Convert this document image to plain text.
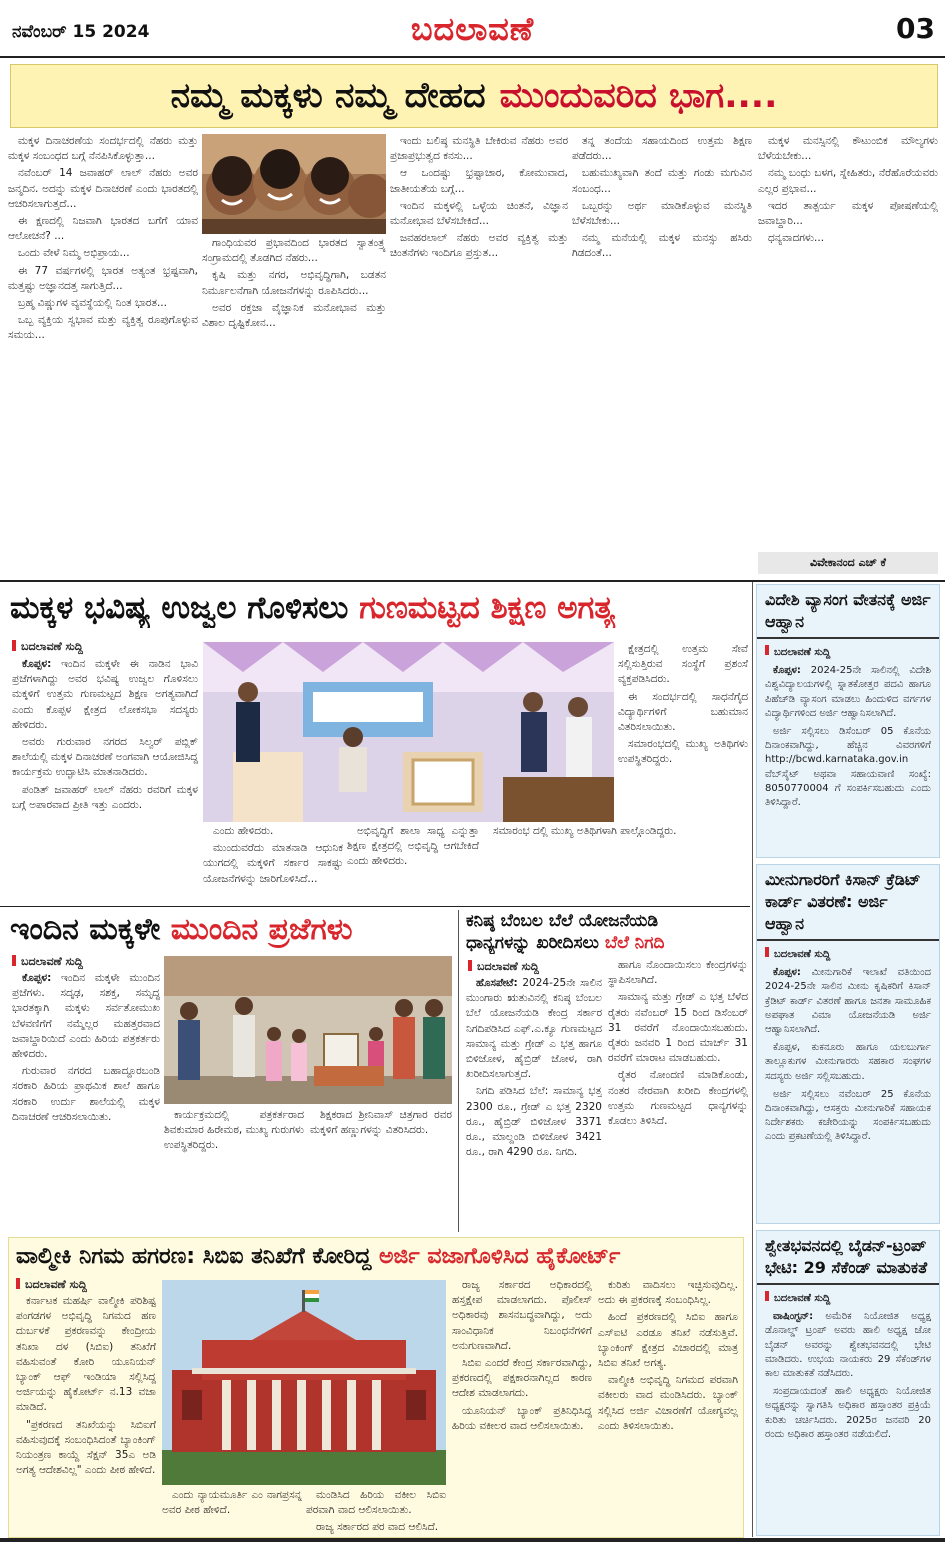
ನವೆಂಬರ್ 15 2024	ಬದಲಾವಣೆ	03
ನಮ್ಮ ಮಕ್ಕಳು ನಮ್ಮ ದೇಹದ ಮುಂದುವರಿದ ಭಾಗ....

ಮಕ್ಕಳ ದಿನಾಚರಣೆಯ ಸಂದರ್ಭದಲ್ಲಿ ನೆಹರು ಮತ್ತು ಮಕ್ಕಳ ಸಂಬಂಧದ ಬಗ್ಗೆ ನೆನಪಿಸಿಕೊಳ್ಳುತ್ತಾ...

ನವೆಂಬರ್ 14 ಜವಾಹರ್ ಲಾಲ್ ನೆಹರು ಅವರ ಜನ್ಮದಿನ. ಅದನ್ನು ಮಕ್ಕಳ ದಿನಾಚರಣೆ ಎಂದು ಭಾರತದಲ್ಲಿ ಆಚರಿಸಲಾಗುತ್ತದೆ...

ಈ ಕ್ಷಣದಲ್ಲಿ ನಿಜವಾಗಿ ಭಾರತದ ಬಗೆಗೆ ಯಾವ ಆಲೋಚನೆ? ...

ಒಂದು ವೇಳೆ ನಿಮ್ಮ ಅಭಿಪ್ರಾಯ...

ಈ 77 ವರ್ಷಗಳಲ್ಲಿ ಭಾರತ ಅತ್ಯಂತ ಭ್ರಷ್ಟವಾಗಿ, ಮತ್ತಷ್ಟು ಅಜ್ಞಾನದತ್ತ ಸಾಗುತ್ತಿದೆ...

ಬ್ರಹ್ಮ ವಿಷ್ಣುಗಳ ವ್ಯವಸ್ಥೆಯಲ್ಲಿ ನಿಂತ ಭಾರತ...

ಒಬ್ಬ ವ್ಯಕ್ತಿಯ ಸ್ವಭಾವ ಮತ್ತು ವ್ಯಕ್ತಿತ್ವ ರೂಪುಗೊಳ್ಳುವ ಸಮಯ...

ಗಾಂಧಿಯವರ ಪ್ರಭಾವದಿಂದ ಭಾರತದ ಸ್ವಾತಂತ್ರ್ಯ ಸಂಗ್ರಾಮದಲ್ಲಿ ತೊಡಗಿದ ನೆಹರು...

ಕೃಷಿ ಮತ್ತು ನಗರ, ಅಭಿವೃದ್ಧಿಗಾಗಿ, ಬಡತನ ನಿರ್ಮೂಲನೆಗಾಗಿ ಯೋಜನೆಗಳನ್ನು ರೂಪಿಸಿದರು...

ಅವರ ರಕ್ತಜಾ ವೈಜ್ಞಾನಿಕ ಮನೋಭಾವ ಮತ್ತು ವಿಶಾಲ ದೃಷ್ಟಿಕೋನ...

ಇಂದು ಬಲಿಷ್ಠ ಮನಸ್ಥಿತಿ ಬೇಕಿರುವ ನೆಹರು ಅವರ ಪ್ರಜಾಪ್ರಭುತ್ವದ ಕನಸು...

ಆ ಒಂದಷ್ಟು ಭ್ರಷ್ಟಾಚಾರ, ಕೋಮುವಾದ, ಜಾತೀಯತೆಯ ಬಗ್ಗೆ...

ಇಂದಿನ ಮಕ್ಕಳಲ್ಲಿ ಒಳ್ಳೆಯ ಚಿಂತನೆ, ವಿಜ್ಞಾನ ಮನೋಭಾವ ಬೆಳೆಸಬೇಕಿದೆ...

ಜವಹರಲಾಲ್ ನೆಹರು ಅವರ ವ್ಯಕ್ತಿತ್ವ ಮತ್ತು ಚಿಂತನೆಗಳು ಇಂದಿಗೂ ಪ್ರಸ್ತುತ...

ತನ್ನ ತಂದೆಯ ಸಹಾಯದಿಂದ ಉತ್ತಮ ಶಿಕ್ಷಣ ಪಡೆದರು...

ಬಹುಮುಖ್ಯವಾಗಿ ತಂದೆ ಮತ್ತು ಗಂಡು ಮಗುವಿನ ಸಂಬಂಧ...

ಒಬ್ಬರನ್ನು ಅರ್ಥ ಮಾಡಿಕೊಳ್ಳುವ ಮನಸ್ಥಿತಿ ಬೆಳೆಸಬೇಕು...

ನಮ್ಮ ಮನೆಯಲ್ಲಿ ಮಕ್ಕಳ ಮನಸ್ಸು ಹಸಿರು ಗಿಡದಂತೆ...

ಮಕ್ಕಳ ಮನಸ್ಸಿನಲ್ಲಿ ಕೌಟುಂಬಿಕ ಮೌಲ್ಯಗಳು ಬೆಳೆಯಬೇಕು...

ನಮ್ಮ ಬಂಧು ಬಳಗ, ಸ್ನೇಹಿತರು, ನೆರೆಹೊರೆಯವರು ಎಲ್ಲರ ಪ್ರಭಾವ...

ಇದರ ತಾತ್ಪರ್ಯ ಮಕ್ಕಳ ಪೋಷಣೆಯಲ್ಲಿ ಜವಾಬ್ದಾರಿ...

ಧನ್ಯವಾದಗಳು...

ವಿವೇಕಾನಂದ ಎಚ್ ಕೆ
ಮಕ್ಕಳ ಭವಿಷ್ಯ ಉಜ್ವಲ ಗೊಳಿಸಲು ಗುಣಮಟ್ಟದ ಶಿಕ್ಷಣ ಅಗತ್ಯ
ಬದಲಾವಣೆ ಸುದ್ದಿ

ಕೊಪ್ಪಳ: ಇಂದಿನ ಮಕ್ಕಳೇ ಈ ನಾಡಿನ ಭಾವಿ ಪ್ರಜೆಗಳಾಗಿದ್ದು ಅವರ ಭವಿಷ್ಯ ಉಜ್ವಲ ಗೊಳಿಸಲು ಮಕ್ಕಳಿಗೆ ಉತ್ತಮ ಗುಣಮಟ್ಟದ ಶಿಕ್ಷಣ ಅಗತ್ಯವಾಗಿದೆ ಎಂದು ಕೊಪ್ಪಳ ಕ್ಷೇತ್ರದ ಲೋಕಸಭಾ ಸದಸ್ಯರು ಹೇಳಿದರು.

ಅವರು ಗುರುವಾರ ನಗರದ ಸಿಲ್ವರ್ ಪಬ್ಲಿಕ್ ಶಾಲೆಯಲ್ಲಿ ಮಕ್ಕಳ ದಿನಾಚರಣೆ ಅಂಗವಾಗಿ ಆಯೋಜಿಸಿದ್ದ ಕಾರ್ಯಕ್ರಮ ಉದ್ಘಾಟಿಸಿ ಮಾತನಾಡಿದರು.

ಪಂಡಿತ್ ಜವಾಹರ್ ಲಾಲ್ ನೆಹರು ರವರಿಗೆ ಮಕ್ಕಳ ಬಗ್ಗೆ ಅಪಾರವಾದ ಪ್ರೀತಿ ಇತ್ತು ಎಂದರು.

ಕ್ಷೇತ್ರದಲ್ಲಿ ಉತ್ತಮ ಸೇವೆ ಸಲ್ಲಿಸುತ್ತಿರುವ ಸಂಸ್ಥೆಗೆ ಪ್ರಶಂಸೆ ವ್ಯಕ್ತಪಡಿಸಿದರು.

ಈ ಸಂದರ್ಭದಲ್ಲಿ ಸಾಧನೆಗೈದ ವಿದ್ಯಾರ್ಥಿಗಳಿಗೆ ಬಹುಮಾನ ವಿತರಿಸಲಾಯಿತು.

ಸಮಾರಂಭದಲ್ಲಿ ಮುಖ್ಯ ಅತಿಥಿಗಳು ಉಪಸ್ಥಿತರಿದ್ದರು.

ಎಂದು ಹೇಳಿದರು.

ಮುಂದುವರೆದು ಮಾತನಾಡಿ ಆಧುನಿಕ ಯುಗದಲ್ಲಿ ಮಕ್ಕಳಿಗೆ ಸರ್ಕಾರ ಸಾಕಷ್ಟು ಯೋಜನೆಗಳನ್ನು ಜಾರಿಗೊಳಿಸಿದೆ...

ಅಭಿವೃದ್ಧಿಗೆ ಶಾಲಾ ಸಾಧ್ಯ ಎನ್ನುತ್ತಾ ಶಿಕ್ಷಣ ಕ್ಷೇತ್ರದಲ್ಲಿ ಅಭಿವೃದ್ಧಿ ಆಗಬೇಕಿದೆ ಎಂದು ಹೇಳಿದರು.

ಸಮಾರಂಭ ದಲ್ಲಿ ಮುಖ್ಯ ಅತಿಥಿಗಳಾಗಿ ಪಾಲ್ಗೊಂಡಿದ್ದರು.

ಇಂದಿನ ಮಕ್ಕಳೇ ಮುಂದಿನ ಪ್ರಜೆಗಳು
ಬದಲಾವಣೆ ಸುದ್ದಿ

ಕೊಪ್ಪಳ: ಇಂದಿನ ಮಕ್ಕಳೇ ಮುಂದಿನ ಪ್ರಜೆಗಳು. ಸದೃಢ, ಸಶಕ್ತ, ಸಮೃದ್ಧ ಭಾರತಕ್ಕಾಗಿ ಮಕ್ಕಳು ಸರ್ವತೋಮುಖ ಬೆಳವಣಿಗೆಗೆ ನಮ್ಮೆಲ್ಲರ ಮಹತ್ತರವಾದ ಜವಾಬ್ದಾರಿಯಿದೆ ಎಂದು ಹಿರಿಯ ಪತ್ರಕರ್ತರು ಹೇಳಿದರು.

ಗುರುವಾರ ನಗರದ ಬಹಾದ್ದೂರಬಂಡಿ ಸರಕಾರಿ ಹಿರಿಯ ಪ್ರಾಥಮಿಕ ಶಾಲೆ ಹಾಗೂ ಸರಕಾರಿ ಉರ್ದು ಶಾಲೆಯಲ್ಲಿ ಮಕ್ಕಳ ದಿನಾಚರಣೆ ಆಚರಿಸಲಾಯಿತು.	ಕಾರ್ಯಕ್ರಮದಲ್ಲಿ ಪತ್ರಕರ್ತರಾದ ಶಿವಕುಮಾರ ಹಿರೇಮಠ, ಮುಖ್ಯ ಗುರುಗಳು ಉಪಸ್ಥಿತರಿದ್ದರು.

ಶಿಕ್ಷಕರಾದ ಶ್ರೀನಿವಾಸ್ ಚಿತ್ರಗಾರ ರವರ ಮಕ್ಕಳಿಗೆ ಹಣ್ಣುಗಳನ್ನು ವಿತರಿಸಿದರು.

ಕನಿಷ್ಠ ಬೆಂಬಲ ಬೆಲೆ ಯೋಜನೆಯಡಿ
ಧಾನ್ಯಗಳನ್ನು ಖರೀದಿಸಲು ಬೆಲೆ ನಿಗದಿ
ಬದಲಾವಣೆ ಸುದ್ದಿ

ಹೊಸಪೇಟೆ: 2024-25ನೇ ಸಾಲಿನ ಮುಂಗಾರು ಋತುವಿನಲ್ಲಿ ಕನಿಷ್ಠ ಬೆಂಬಲ ಬೆಲೆ ಯೋಜನೆಯಡಿ ಕೇಂದ್ರ ಸರ್ಕಾರ ನಿಗದಿಪಡಿಸಿದ ಎಫ್.ಎ.ಕ್ಯೂ ಗುಣಮಟ್ಟದ ಸಾಮಾನ್ಯ ಮತ್ತು ಗ್ರೇಡ್ ಎ ಭತ್ತ ಹಾಗೂ ಬಿಳಿಜೋಳ, ಹೈಬ್ರಿಡ್ ಜೋಳ, ರಾಗಿ ಖರೀದಿಸಲಾಗುತ್ತದೆ.

ನಿಗದಿ ಪಡಿಸಿದ ಬೆಲೆ: ಸಾಮಾನ್ಯ ಭತ್ತ 2300 ರೂ., ಗ್ರೇಡ್ ಎ ಭತ್ತ 2320 ರೂ., ಹೈಬ್ರಿಡ್ ಬಿಳಿಜೋಳ 3371 ರೂ., ಮಾಲ್ದಂಡಿ ಬಿಳಿಜೋಳ 3421 ರೂ., ರಾಗಿ 4290 ರೂ. ನಿಗದಿ.

ಹಾಗೂ ನೊಂದಾಯಿಸಲು ಕೇಂದ್ರಗಳನ್ನು ಸ್ಥಾಪಿಸಲಾಗಿದೆ.

ಸಾಮಾನ್ಯ ಮತ್ತು ಗ್ರೇಡ್ ಎ ಭತ್ತ ಬೆಳೆದ ರೈತರು ನವೆಂಬರ್ 15 ರಿಂದ ಡಿಸೆಂಬರ್ 31 ರವರೆಗೆ ನೊಂದಾಯಿಸಬಹುದು. ರೈತರು ಜನವರಿ 1 ರಿಂದ ಮಾರ್ಚ್ 31 ರವರೆಗೆ ಮಾರಾಟ ಮಾಡಬಹುದು.

ರೈತರ ನೋಂದಣಿ ಮಾಡಿಕೊಂಡು, ನಂತರ ನೇರವಾಗಿ ಖರೀದಿ ಕೇಂದ್ರಗಳಲ್ಲಿ ಉತ್ತಮ ಗುಣಮಟ್ಟದ ಧಾನ್ಯಗಳನ್ನು ಕೊಡಲು ತಿಳಿಸಿದೆ.

ವಾಲ್ಮೀಕಿ ನಿಗಮ ಹಗರಣ: ಸಿಬಿಐ ತನಿಖೆಗೆ ಕೋರಿದ್ದ ಅರ್ಜಿ ವಜಾಗೊಳಿಸಿದ ಹೈಕೋರ್ಟ್
ಬದಲಾವಣೆ ಸುದ್ದಿ

ಕರ್ನಾಟಕ ಮಹರ್ಷಿ ವಾಲ್ಮೀಕಿ ಪರಿಶಿಷ್ಟ ಪಂಗಡಗಳ ಅಭಿವೃದ್ಧಿ ನಿಗಮದ ಹಣ ದುರ್ಬಳಕೆ ಪ್ರಕರಣವನ್ನು ಕೇಂದ್ರೀಯ ತನಿಖಾ ದಳ (ಸಿಬಿಐ) ತನಿಖೆಗೆ ವಹಿಸುವಂತೆ ಕೋರಿ ಯೂನಿಯನ್ ಬ್ಯಾಂಕ್ ಆಫ್ ಇಂಡಿಯಾ ಸಲ್ಲಿಸಿದ್ದ ಅರ್ಜಿಯನ್ನು ಹೈಕೋರ್ಟ್ ನ.13 ವಜಾ ಮಾಡಿದೆ.

"ಪ್ರಕರಣದ ತನಿಖೆಯನ್ನು ಸಿಬಿಐಗೆ ವಹಿಸುವುದಕ್ಕೆ ಸಂಬಂಧಿಸಿದಂತೆ ಬ್ಯಾಂಕಿಂಗ್ ನಿಯಂತ್ರಣ ಕಾಯ್ದೆ ಸೆಕ್ಷನ್ 35ಎ ಅಡಿ ಅಗತ್ಯ ಆದೇಶವಿಲ್ಲ" ಎಂದು ಪೀಠ ಹೇಳಿದೆ.

ಎಂದು ನ್ಯಾಯಮೂರ್ತಿ ಎಂ ನಾಗಪ್ರಸನ್ನ ಅವರ ಪೀಠ ಹೇಳಿದೆ.

ಮಂಡಿಸಿದ ಹಿರಿಯ ವಕೀಲ ಸಿಬಿಐ ಪರವಾಗಿ ವಾದ ಆಲಿಸಲಾಯಿತು.

ರಾಜ್ಯ ಸರ್ಕಾರದ ಪರ ವಾದ ಆಲಿಸಿದೆ.

ರಾಜ್ಯ ಸರ್ಕಾರದ ಅಧಿಕಾರದಲ್ಲಿ ಹಸ್ತಕ್ಷೇಪ ಮಾಡಲಾಗದು. ಪೊಲೀಸ್ ಅಧಿಕಾರವು ಶಾಸನಬದ್ಧವಾಗಿದ್ದು, ಅದು ಸಾಂವಿಧಾನಿಕ ನಿಬಂಧನೆಗಳಿಗೆ ಅನುಗುಣವಾಗಿದೆ.

ಸಿಬಿಐ ಎಂದರೆ ಕೇಂದ್ರ ಸರ್ಕಾರವಾಗಿದ್ದು, ಪ್ರಕರಣದಲ್ಲಿ ಪಕ್ಷಕಾರನಾಗಿಲ್ಲದ ಕಾರಣ ಆದೇಶ ಮಾಡಲಾಗದು.

ಯೂನಿಯನ್ ಬ್ಯಾಂಕ್ ಪ್ರತಿನಿಧಿಸಿದ್ದ ಹಿರಿಯ ವಕೀಲರ ವಾದ ಆಲಿಸಲಾಯಿತು.

ಕುರಿತು ವಾದಿಸಲು ಇಚ್ಛಿಸುವುದಿಲ್ಲ. ಅದು ಈ ಪ್ರಕರಣಕ್ಕೆ ಸಂಬಂಧಿಸಿಲ್ಲ.

ಹಿಂದೆ ಪ್ರಕರಣದಲ್ಲಿ ಸಿಬಿಐ ಹಾಗೂ ಎಸ್ಐಟಿ ಎರಡೂ ತನಿಖೆ ನಡೆಸುತ್ತಿವೆ. ಬ್ಯಾಂಕಿಂಗ್ ಕ್ಷೇತ್ರದ ವಿಚಾರದಲ್ಲಿ ಮಾತ್ರ ಸಿಬಿಐ ತನಿಖೆ ಅಗತ್ಯ.

ವಾಲ್ಮೀಕಿ ಅಭಿವೃದ್ಧಿ ನಿಗಮದ ಪರವಾಗಿ ವಕೀಲರು ವಾದ ಮಂಡಿಸಿದರು. ಬ್ಯಾಂಕ್ ಸಲ್ಲಿಸಿದ ಅರ್ಜಿ ವಿಚಾರಣೆಗೆ ಯೋಗ್ಯವಲ್ಲ ಎಂದು ತಿಳಿಸಲಾಯಿತು.

ವಿದೇಶಿ ವ್ಯಾಸಂಗ ವೇತನಕ್ಕೆ ಅರ್ಜಿ ಆಹ್ವಾನ

ಬದಲಾವಣೆ ಸುದ್ದಿ

ಕೊಪ್ಪಳ: 2024-25ನೇ ಸಾಲಿನಲ್ಲಿ ವಿದೇಶಿ ವಿಶ್ವವಿದ್ಯಾಲಯಗಳಲ್ಲಿ ಸ್ನಾತಕೋತ್ತರ ಪದವಿ ಹಾಗೂ ಪಿಹೆಚ್‌ಡಿ ವ್ಯಾಸಂಗ ಮಾಡಲು ಹಿಂದುಳಿದ ವರ್ಗಗಳ ವಿದ್ಯಾರ್ಥಿಗಳಿಂದ ಅರ್ಜಿ ಆಹ್ವಾನಿಸಲಾಗಿದೆ.

ಅರ್ಜಿ ಸಲ್ಲಿಸಲು ಡಿಸೆಂಬರ್ 05 ಕೊನೆಯ ದಿನಾಂಕವಾಗಿದ್ದು, ಹೆಚ್ಚಿನ ವಿವರಗಳಿಗೆ http://bcwd.karnataka.gov.in ವೆಬ್‌ಸೈಟ್ ಅಥವಾ ಸಹಾಯವಾಣಿ ಸಂಖ್ಯೆ: 8050770004 ಗೆ ಸಂಪರ್ಕಿಸಬಹುದು ಎಂದು ತಿಳಿಸಿದ್ದಾರೆ.

ಮೀನುಗಾರರಿಗೆ ಕಿಸಾನ್ ಕ್ರೆಡಿಟ್ ಕಾರ್ಡ್ ವಿತರಣೆ: ಅರ್ಜಿ ಆಹ್ವಾನ

ಬದಲಾವಣೆ ಸುದ್ದಿ

ಕೊಪ್ಪಳ: ಮೀನುಗಾರಿಕೆ ಇಲಾಖೆ ವತಿಯಿಂದ 2024-25ನೇ ಸಾಲಿನ ಮೀನು ಕೃಷಿಕರಿಗೆ ಕಿಸಾನ್ ಕ್ರೆಡಿಟ್ ಕಾರ್ಡ್ ವಿತರಣೆ ಹಾಗೂ ಜನತಾ ಸಾಮೂಹಿಕ ಅಪಘಾತ ವಿಮಾ ಯೋಜನೆಯಡಿ ಅರ್ಜಿ ಆಹ್ವಾನಿಸಲಾಗಿದೆ.

ಕೊಪ್ಪಳ, ಕುಕನೂರು ಹಾಗೂ ಯಲಬುರ್ಗಾ ತಾಲ್ಲೂಕುಗಳ ಮೀನುಗಾರರು ಸಹಕಾರ ಸಂಘಗಳ ಸದಸ್ಯರು ಅರ್ಜಿ ಸಲ್ಲಿಸಬಹುದು.

ಅರ್ಜಿ ಸಲ್ಲಿಸಲು ನವೆಂಬರ್ 25 ಕೊನೆಯ ದಿನಾಂಕವಾಗಿದ್ದು, ಆಸಕ್ತರು ಮೀನುಗಾರಿಕೆ ಸಹಾಯಕ ನಿರ್ದೇಶಕರು ಕಚೇರಿಯನ್ನು ಸಂಪರ್ಕಿಸಬಹುದು ಎಂದು ಪ್ರಕಟಣೆಯಲ್ಲಿ ತಿಳಿಸಿದ್ದಾರೆ.

ಶ್ವೇತಭವನದಲ್ಲಿ ಬೈಡನ್-ಟ್ರಂಪ್ ಭೇಟಿ: 29 ಸೆಕೆಂಡ್ ಮಾತುಕತೆ

ಬದಲಾವಣೆ ಸುದ್ದಿ

ವಾಷಿಂಗ್ಟನ್: ಅಮೆರಿಕ ನಿಯೋಜಿತ ಅಧ್ಯಕ್ಷ ಡೊನಾಲ್ಡ್ ಟ್ರಂಪ್ ಅವರು ಹಾಲಿ ಅಧ್ಯಕ್ಷ ಜೋ ಬೈಡನ್ ಅವರನ್ನು ಶ್ವೇತಭವನದಲ್ಲಿ ಭೇಟಿ ಮಾಡಿದರು. ಉಭಯ ನಾಯಕರು 29 ಸೆಕೆಂಡ್‌ಗಳ ಕಾಲ ಮಾತುಕತೆ ನಡೆಸಿದರು.

ಸಂಪ್ರದಾಯದಂತೆ ಹಾಲಿ ಅಧ್ಯಕ್ಷರು ನಿಯೋಜಿತ ಅಧ್ಯಕ್ಷರನ್ನು ಸ್ವಾಗತಿಸಿ ಅಧಿಕಾರ ಹಸ್ತಾಂತರ ಪ್ರಕ್ರಿಯೆ ಕುರಿತು ಚರ್ಚಿಸಿದರು. 2025ರ ಜನವರಿ 20 ರಂದು ಅಧಿಕಾರ ಹಸ್ತಾಂತರ ನಡೆಯಲಿದೆ.
